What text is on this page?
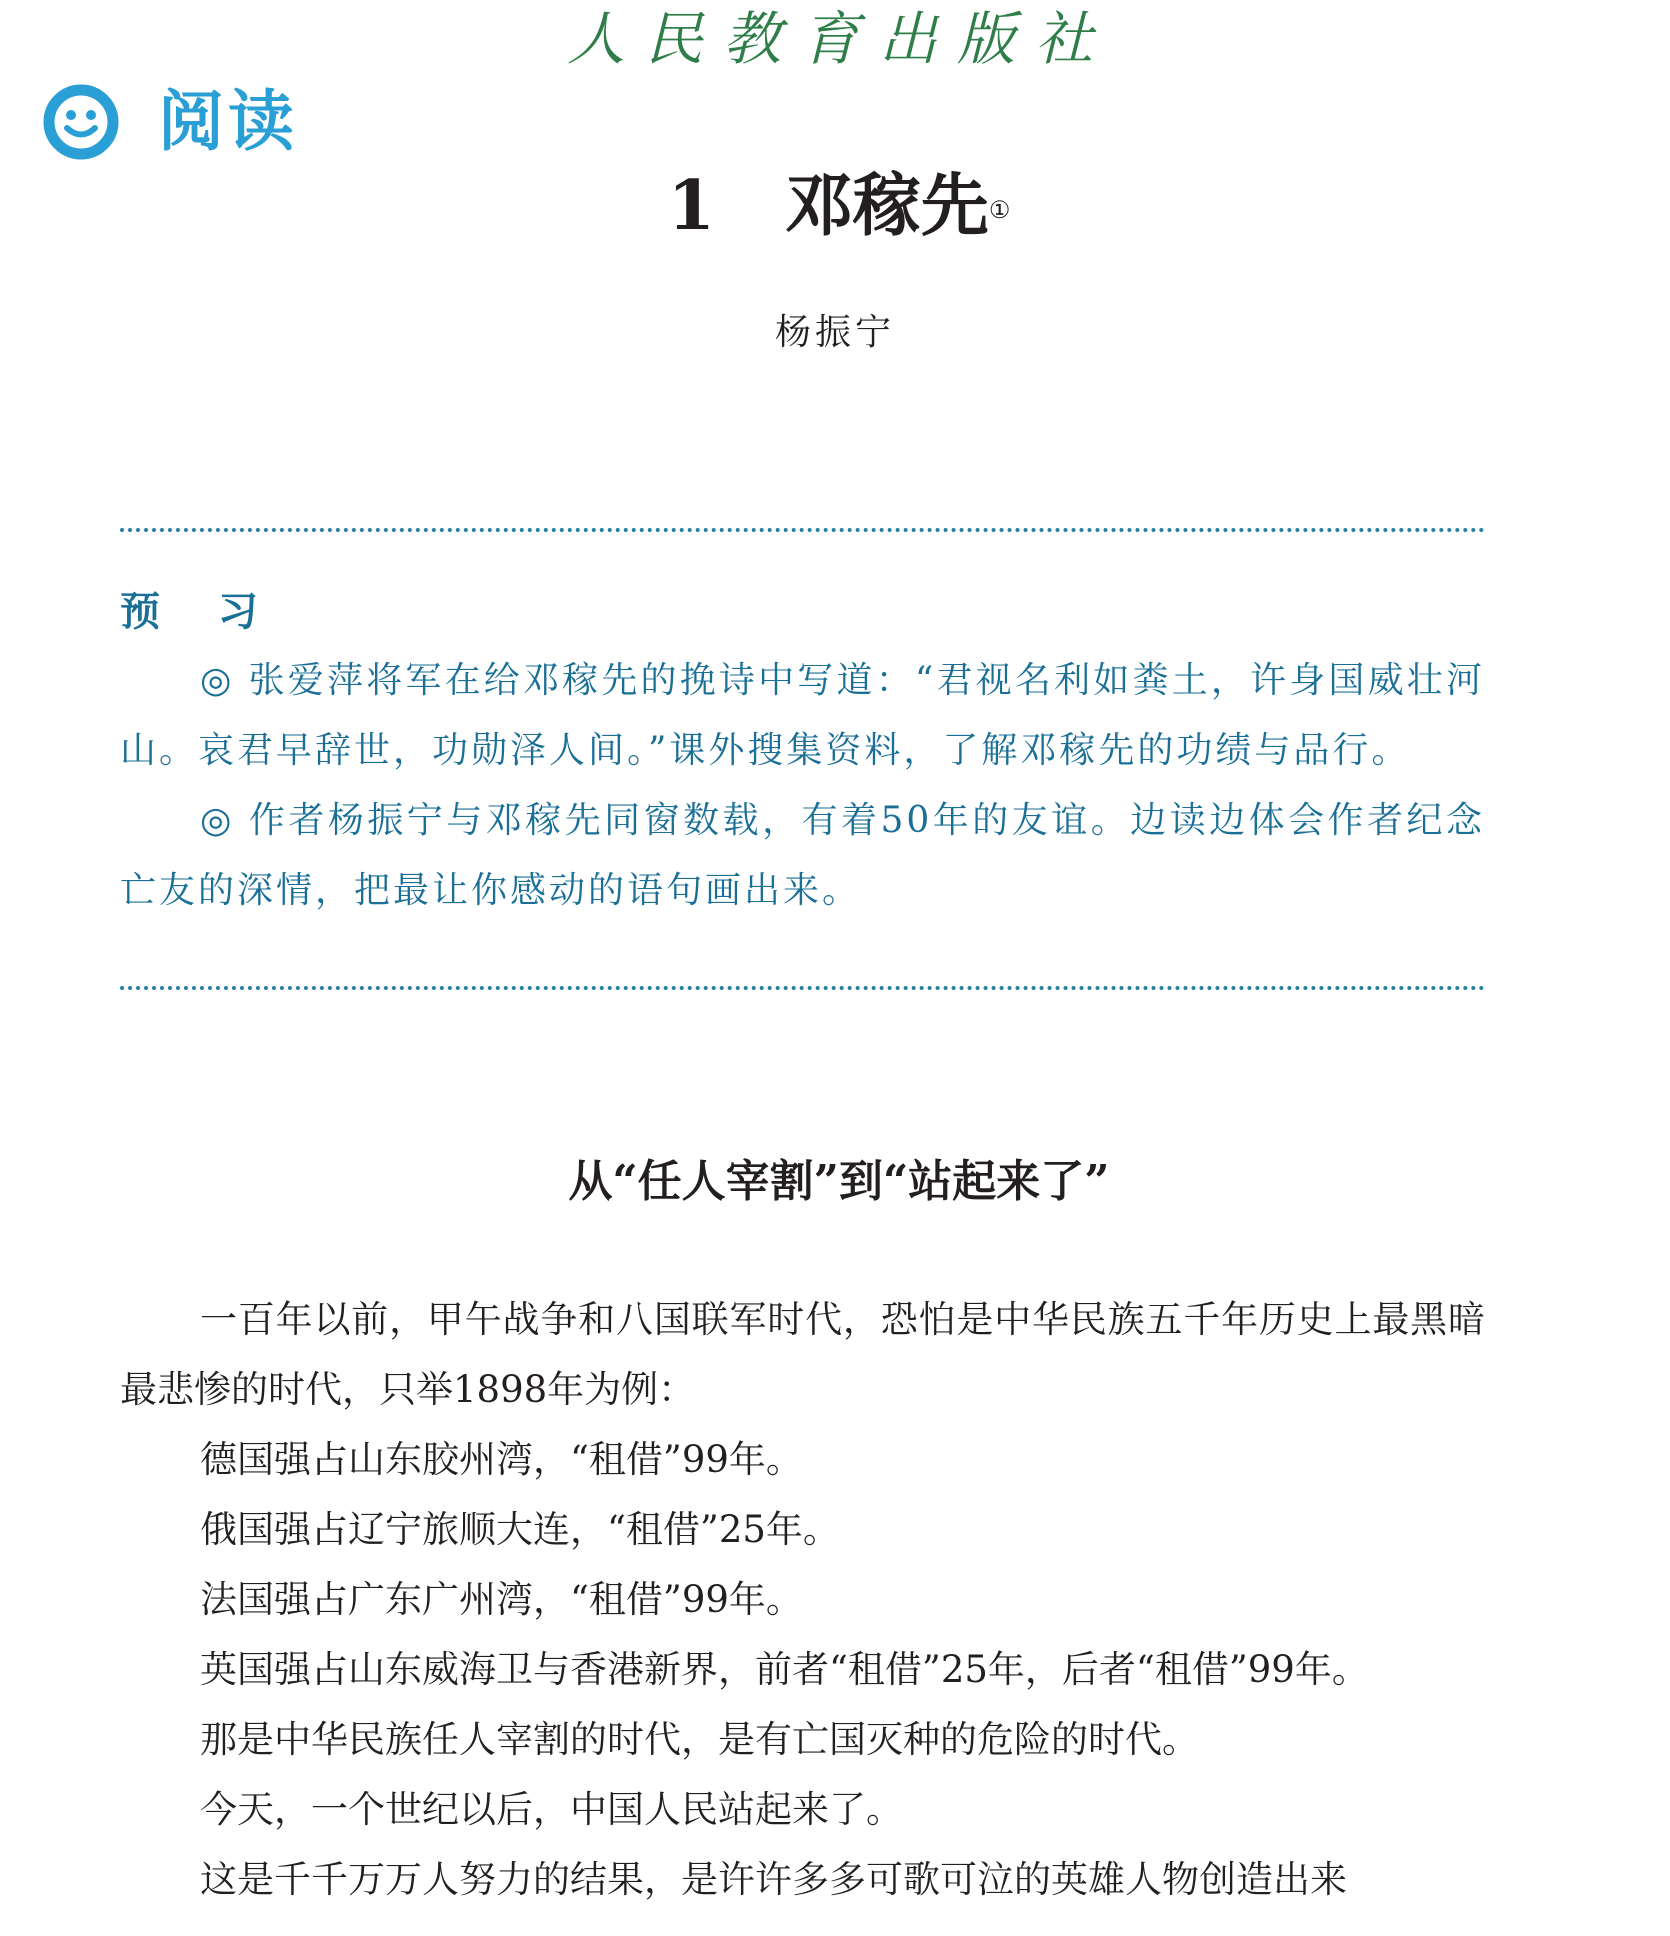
人民教育出版社
阅读
1 邓稼先①
杨振宁
预 习

◎ 张爱萍将军在给邓稼先的挽诗中写道：“君视名利如粪土，许身国威壮河山。哀君早辞世，功勋泽人间。”课外搜集资料，了解邓稼先的功绩与品行。

◎ 作者杨振宁与邓稼先同窗数载，有着50年的友谊。边读边体会作者纪念亡友的深情，把最让你感动的语句画出来。

从“任人宰割”到“站起来了”

一百年以前，甲午战争和八国联军时代，恐怕是中华民族五千年历史上最黑暗最悲惨的时代，只举1898年为例：

德国强占山东胶州湾，“租借”99年。

俄国强占辽宁旅顺大连，“租借”25年。

法国强占广东广州湾，“租借”99年。

英国强占山东威海卫与香港新界，前者“租借”25年，后者“租借”99年。

那是中华民族任人宰割的时代，是有亡国灭种的危险的时代。

今天，一个世纪以后，中国人民站起来了。

这是千千万万人努力的结果，是许许多多可歌可泣的英雄人物创造出来
